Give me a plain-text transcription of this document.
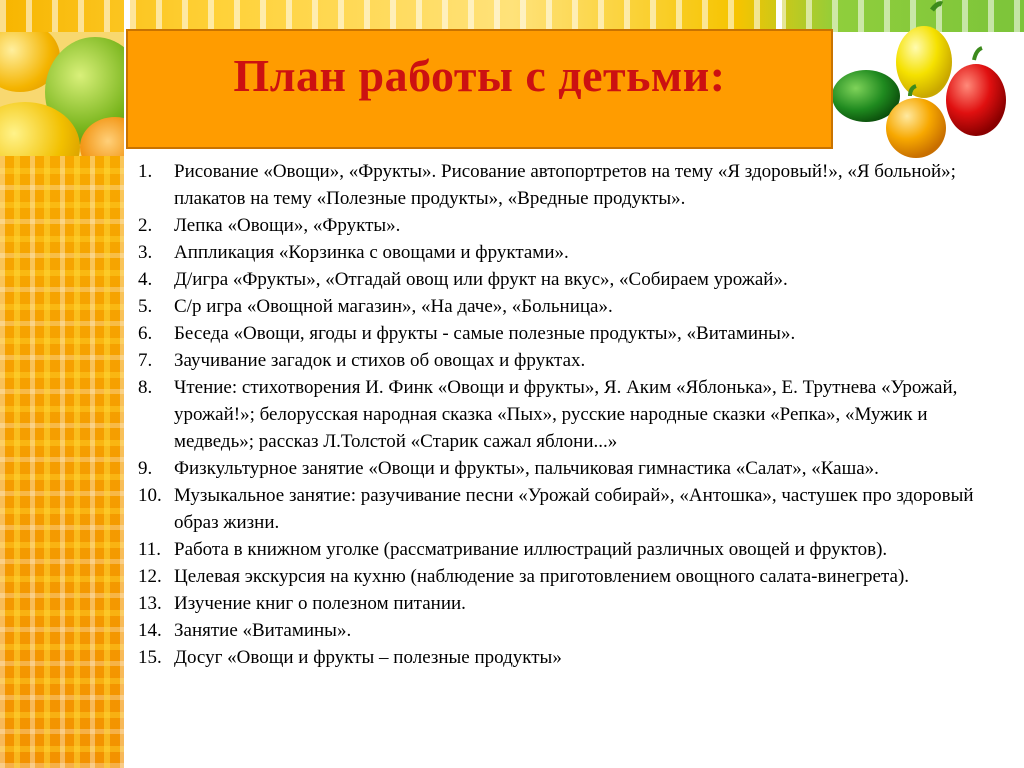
План работы с детьми:
1. Рисование «Овощи», «Фрукты». Рисование автопортретов на тему «Я здоровый!», «Я больной»; плакатов на тему «Полезные продукты», «Вредные продукты».
2. Лепка «Овощи», «Фрукты».
3. Аппликация «Корзинка с овощами и фруктами».
4. Д/игра «Фрукты», «Отгадай овощ или фрукт на вкус», «Собираем урожай».
5. С/р игра «Овощной магазин», «На даче», «Больница».
6. Беседа «Овощи, ягоды и фрукты - самые полезные продукты», «Витамины».
7. Заучивание загадок и стихов об овощах и фруктах.
8. Чтение: стихотворения И. Финк «Овощи и фрукты», Я. Аким «Яблонька», Е. Трутнева «Урожай, урожай!»; белорусская народная сказка «Пых», русские народные сказки «Репка», «Мужик и медведь»; рассказ Л.Толстой «Старик сажал яблони...»
9. Физкультурное занятие «Овощи и фрукты», пальчиковая гимнастика «Салат», «Каша».
10. Музыкальное занятие: разучивание песни «Урожай собирай», «Антошка», частушек про здоровый образ жизни.
11. Работа в книжном уголке (рассматривание иллюстраций различных овощей и фруктов).
12. Целевая экскурсия на кухню (наблюдение за приготовлением овощного салата-винегрета).
13. Изучение книг о полезном питании.
14. Занятие «Витамины».
15. Досуг «Овощи и фрукты – полезные продукты»
